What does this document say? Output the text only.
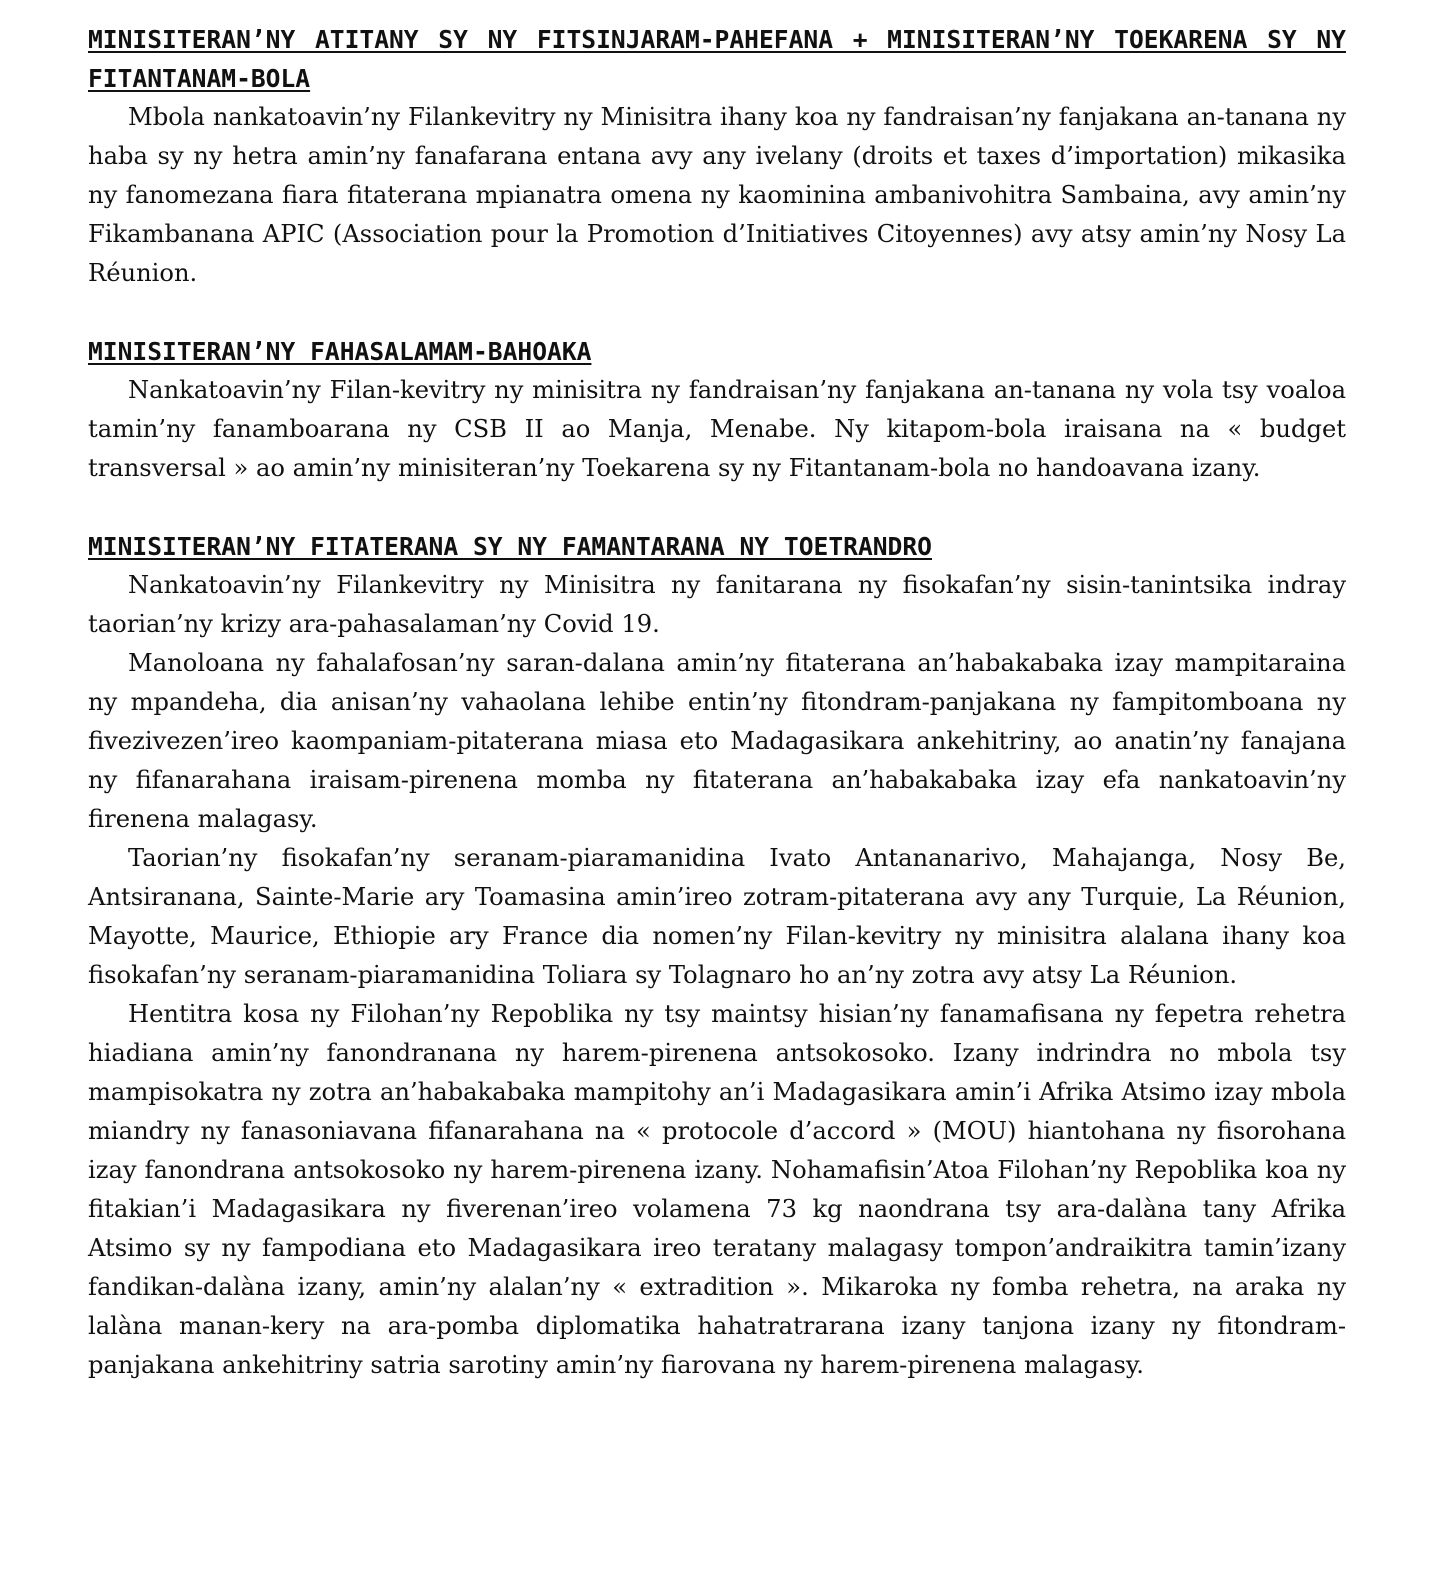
MINISITERAN’NY ATITANY SY NY FITSINJARAM-PAHEFANA + MINISITERAN’NY TOEKARENA SY NY FITANTANAM-BOLA

Mbola nankatoavin’ny Filankevitry ny Minisitra ihany koa ny fandraisan’ny fanjakana an-tanana ny haba sy ny hetra amin’ny fanafarana entana avy any ivelany (droits et taxes d’importation) mikasika ny fanomezana fiara fitaterana mpianatra omena ny kaominina ambanivohitra Sambaina, avy amin’ny Fikambanana APIC (Association pour la Promotion d’Initiatives Citoyennes) avy atsy amin’ny Nosy La Réunion.

MINISITERAN’NY FAHASALAMAM-BAHOAKA

Nankatoavin’ny Filan-kevitry ny minisitra ny fandraisan’ny fanjakana an-tanana ny vola tsy voaloa tamin’ny fanamboarana ny CSB II ao Manja, Menabe. Ny kitapom-bola iraisana na « budget transversal » ao amin’ny minisiteran’ny Toekarena sy ny Fitantanam-bola no handoavana izany.

MINISITERAN’NY FITATERANA SY NY FAMANTARANA NY TOETRANDRO

Nankatoavin’ny Filankevitry ny Minisitra ny fanitarana ny fisokafan’ny sisin-tanintsika indray taorian’ny krizy ara-pahasalaman’ny Covid 19.

Manoloana ny fahalafosan’ny saran-dalana amin’ny fitaterana an’habakabaka izay mampitaraina ny mpandeha, dia anisan’ny vahaolana lehibe entin’ny fitondram-panjakana ny fampitomboana ny fivezivezen’ireo kaompaniam-pitaterana miasa eto Madagasikara ankehitriny, ao anatin’ny fanajana ny fifanarahana iraisam-pirenena momba ny fitaterana an’habakabaka izay efa nankatoavin’ny firenena malagasy.

Taorian’ny fisokafan’ny seranam-piaramanidina Ivato Antananarivo, Mahajanga, Nosy Be, Antsiranana, Sainte-Marie ary Toamasina amin’ireo zotram-pitaterana avy any Turquie, La Réunion, Mayotte, Maurice, Ethiopie ary France dia nomen’ny Filan-kevitry ny minisitra alalana ihany koa fisokafan’ny seranam-piaramanidina Toliara sy Tolagnaro ho an’ny zotra avy atsy La Réunion.

Hentitra kosa ny Filohan’ny Repoblika ny tsy maintsy hisian’ny fanamafisana ny fepetra rehetra hiadiana amin’ny fanondranana ny harem-pirenena antsokosoko. Izany indrindra no mbola tsy mampisokatra ny zotra an’habakabaka mampitohy an’i Madagasikara amin’i Afrika Atsimo izay mbola miandry ny fanasoniavana fifanarahana na « protocole d’accord » (MOU) hiantohana ny fisorohana izay fanondrana antsokosoko ny harem-pirenena izany. Nohamafisin’Atoa Filohan’ny Repoblika koa ny fitakian’i Madagasikara ny fiverenan’ireo volamena 73 kg naondrana tsy ara-dalàna tany Afrika Atsimo sy ny fampodiana eto Madagasikara ireo teratany malagasy tompon’andraikitra tamin’izany fandikan-dalàna izany, amin’ny alalan’ny « extradition ». Mikaroka ny fomba rehetra, na araka ny lalàna manan-kery na ara-pomba diplomatika hahatratrarana izany tanjona izany ny fitondram-panjakana ankehitriny satria sarotiny amin’ny fiarovana ny harem-pirenena malagasy.
